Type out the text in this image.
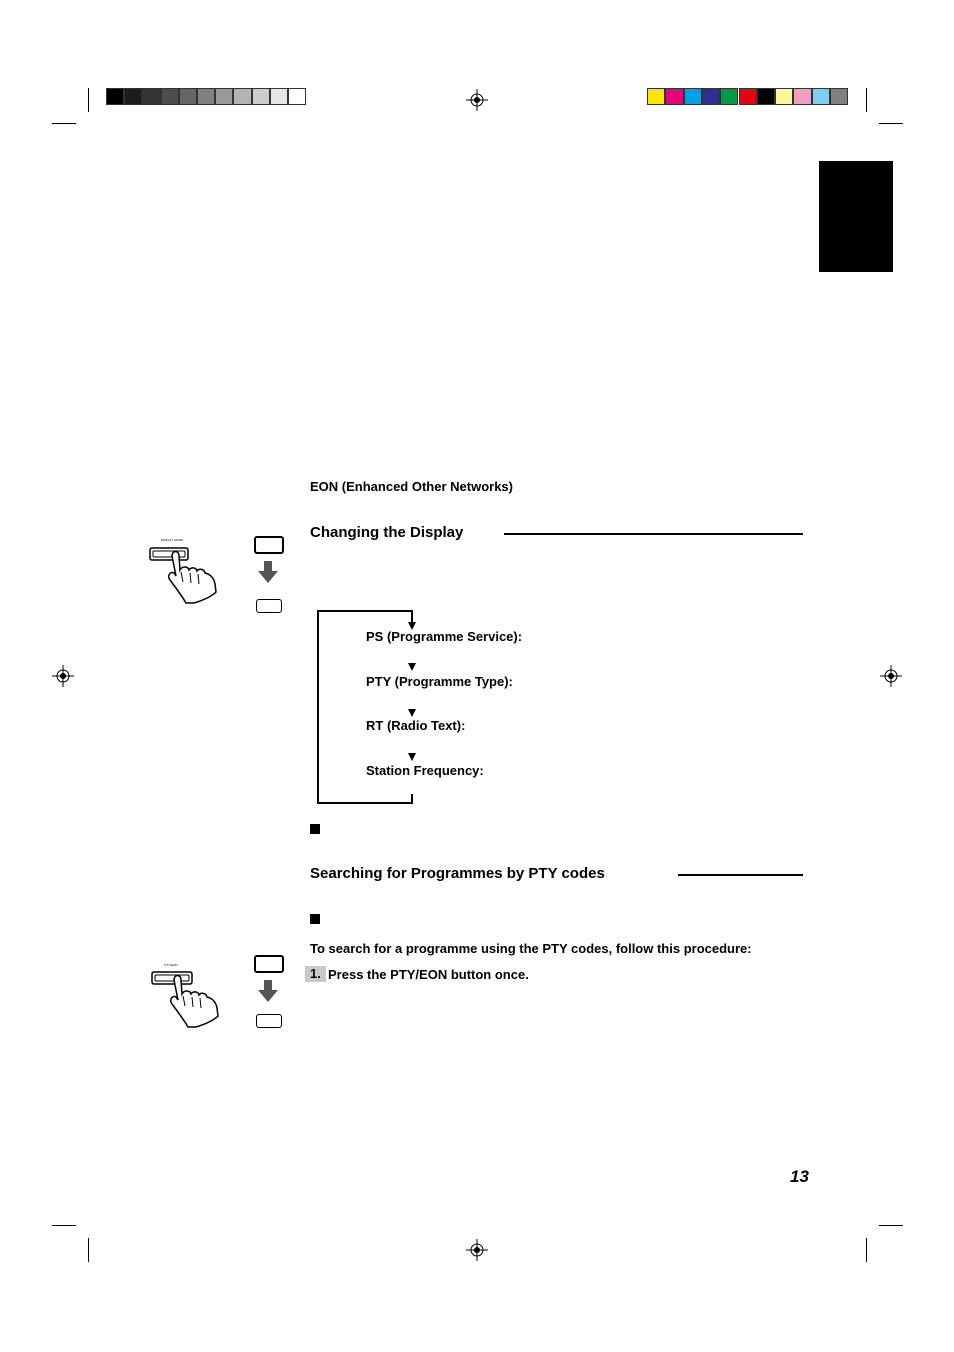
EON (Enhanced Other Networks)
Changing the Display
DISPLAY MODE
PS (Programme Service):
PTY (Programme Type):
RT (Radio Text):
Station Frequency:
Searching for Programmes by PTY codes
To search for a programme using the PTY codes, follow this procedure:
1. Press the PTY/EON button once.
PTY/EON
13
